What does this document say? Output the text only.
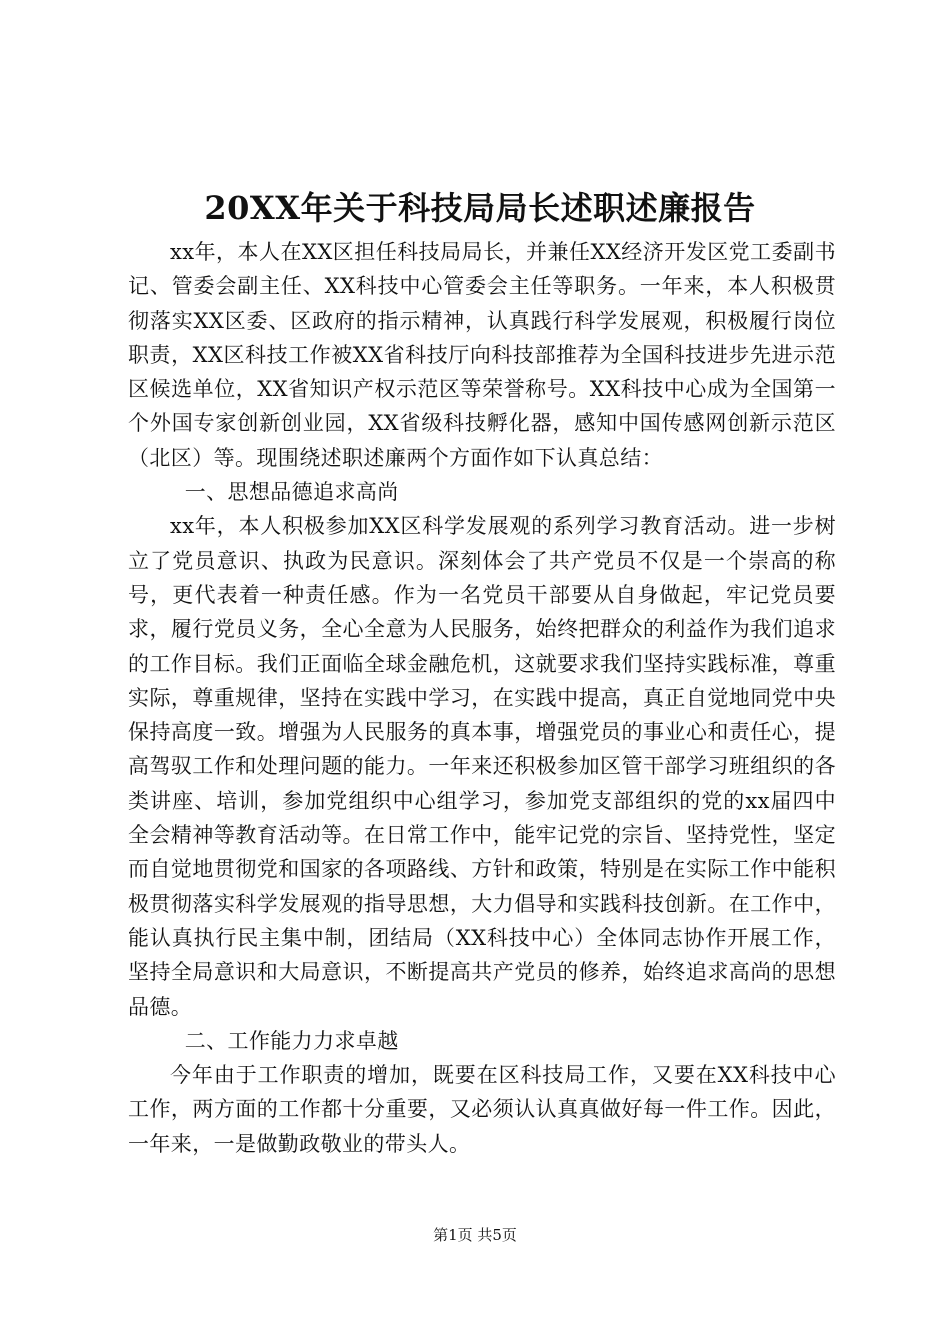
20XX年关于科技局局长述职述廉报告

xx年，本人在XX区担任科技局局长，并兼任XX经济开发区党工委副书记、管委会副主任、XX科技中心管委会主任等职务。一年来，本人积极贯彻落实XX区委、区政府的指示精神，认真践行科学发展观，积极履行岗位职责，XX区科技工作被XX省科技厅向科技部推荐为全国科技进步先进示范区候选单位，XX省知识产权示范区等荣誉称号。XX科技中心成为全国第一个外国专家创新创业园，XX省级科技孵化器，感知中国传感网创新示范区（北区）等。现围绕述职述廉两个方面作如下认真总结：

一、思想品德追求高尚

xx年，本人积极参加XX区科学发展观的系列学习教育活动。进一步树立了党员意识、执政为民意识。深刻体会了共产党员不仅是一个崇高的称号，更代表着一种责任感。作为一名党员干部要从自身做起，牢记党员要求，履行党员义务，全心全意为人民服务，始终把群众的利益作为我们追求的工作目标。我们正面临全球金融危机，这就要求我们坚持实践标准，尊重实际，尊重规律，坚持在实践中学习，在实践中提高，真正自觉地同党中央保持高度一致。增强为人民服务的真本事，增强党员的事业心和责任心，提高驾驭工作和处理问题的能力。一年来还积极参加区管干部学习班组织的各类讲座、培训，参加党组织中心组学习，参加党支部组织的党的xx届四中全会精神等教育活动等。在日常工作中，能牢记党的宗旨、坚持党性，坚定而自觉地贯彻党和国家的各项路线、方针和政策，特别是在实际工作中能积极贯彻落实科学发展观的指导思想，大力倡导和实践科技创新。在工作中，能认真执行民主集中制，团结局（XX科技中心）全体同志协作开展工作，坚持全局意识和大局意识，不断提高共产党员的修养，始终追求高尚的思想品德。

二、工作能力力求卓越

今年由于工作职责的增加，既要在区科技局工作，又要在XX科技中心工作，两方面的工作都十分重要，又必须认认真真做好每一件工作。因此，一年来，一是做勤政敬业的带头人。

第1页 共5页
